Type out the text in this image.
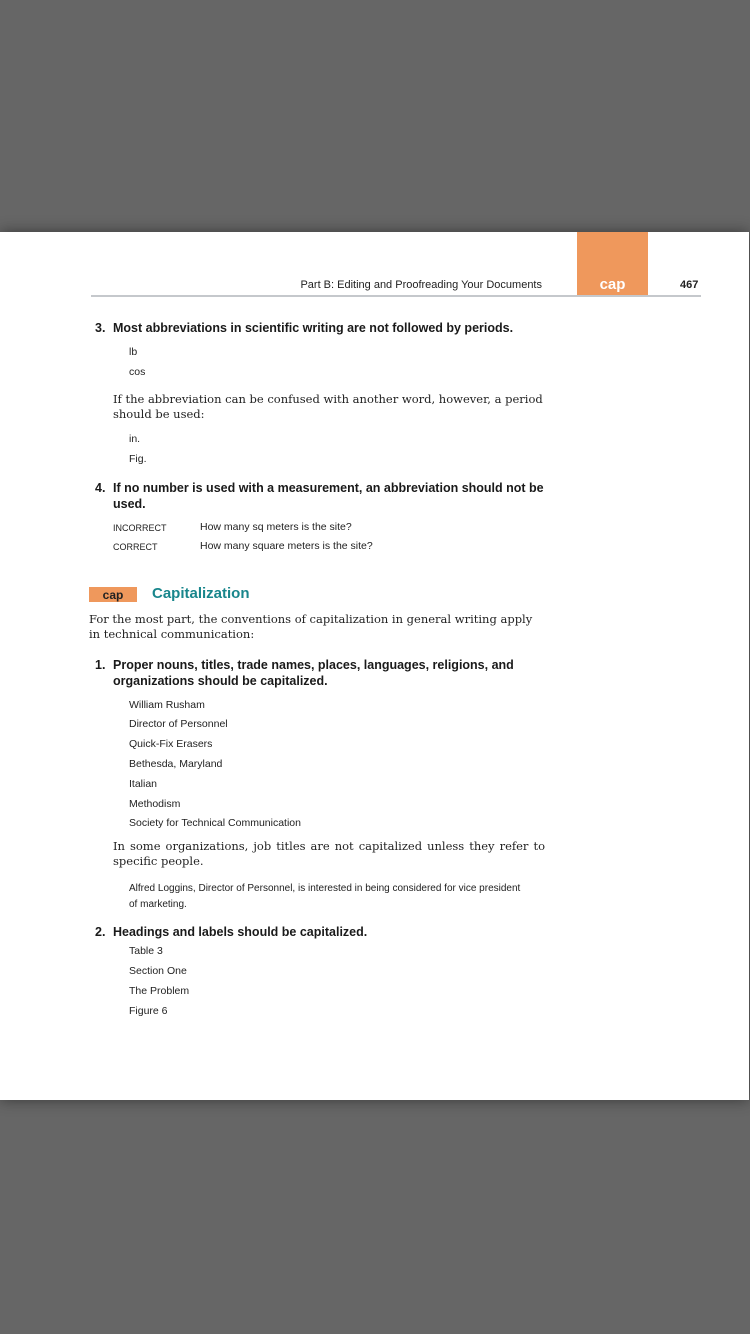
cap
Part B: Editing and Proofreading Your Documents	467
3. Most abbreviations in scientific writing are not followed by periods.
lb
cos
If the abbreviation can be confused with another word, however, a period should be used:
in.
Fig.
4. If no number is used with a measurement, an abbreviation should not be used.
INCORRECT	How many sq meters is the site?
CORRECT	How many square meters is the site?
cap	Capitalization
For the most part, the conventions of capitalization in general writing apply in technical communication:
1. Proper nouns, titles, trade names, places, languages, religions, and organizations should be capitalized.
William Rusham
Director of Personnel
Quick-Fix Erasers
Bethesda, Maryland
Italian
Methodism
Society for Technical Communication
In some organizations, job titles are not capitalized unless they refer to specific people.
Alfred Loggins, Director of Personnel, is interested in being considered for vice president of marketing.
2. Headings and labels should be capitalized.
Table 3
Section One
The Problem
Figure 6
